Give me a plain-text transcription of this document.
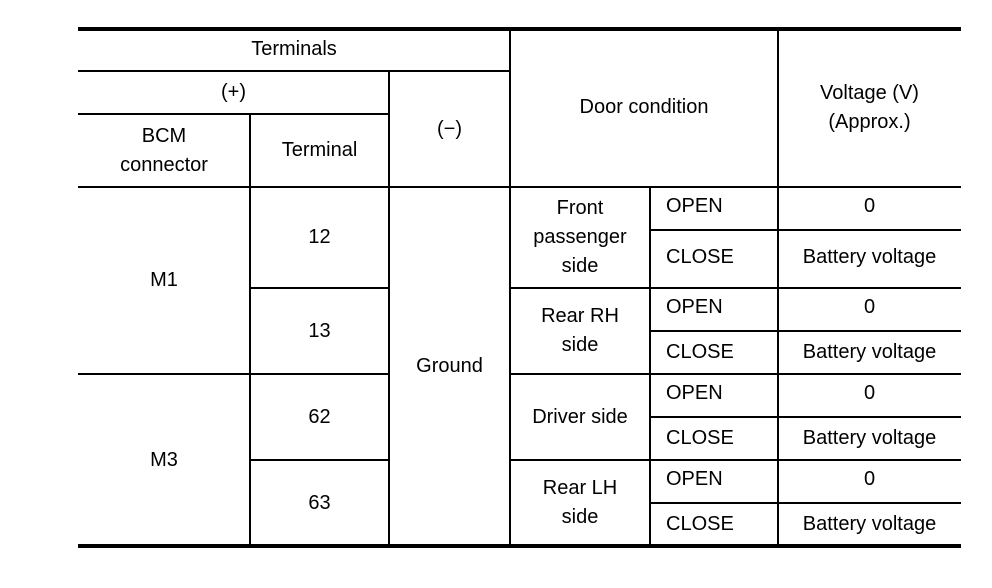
Terminals
(+)
(−)
BCM
connector
Terminal
Door condition
Voltage (V)
(Approx.)
M1
M3
12
13
62
63
Ground
Front
passenger
side
OPEN
CLOSE
0
Battery voltage
Rear RH
side
OPEN
CLOSE
0
Battery voltage
Driver side
OPEN
CLOSE
0
Battery voltage
Rear LH
side
OPEN
CLOSE
0
Battery voltage
